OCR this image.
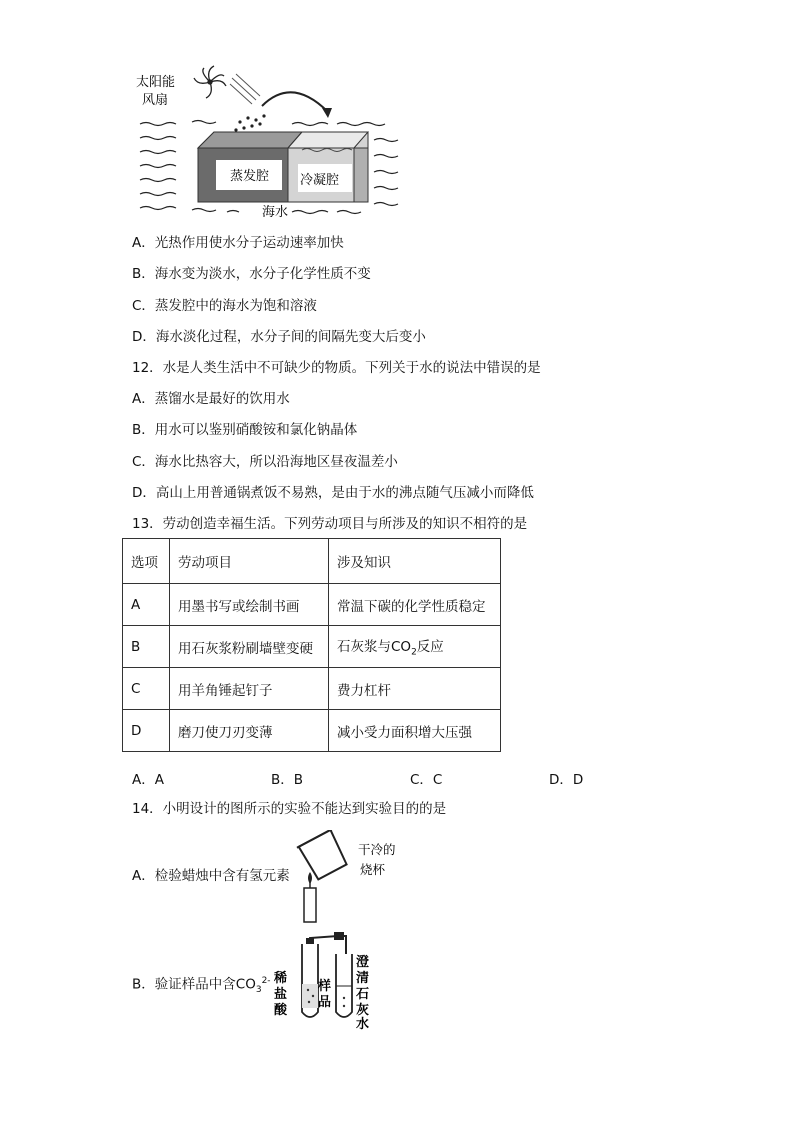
太阳能
风扇
蒸发腔 冷凝腔
海水
A．光热作用使水分子运动速率加快
B．海水变为淡水，水分子化学性质不变
C．蒸发腔中的海水为饱和溶液
D．海水淡化过程，水分子间的间隔先变大后变小
12．水是人类生活中不可缺少的物质。下列关于水的说法中错误的是
A．蒸馏水是最好的饮用水
B．用水可以鉴别硝酸铵和氯化钠晶体
C．海水比热容大，所以沿海地区昼夜温差小
D．高山上用普通锅煮饭不易熟，是由于水的沸点随气压减小而降低
13．劳动创造幸福生活。下列劳动项目与所涉及的知识不相符的是
选项	劳动项目	涉及知识
A	用墨书写或绘制书画	常温下碳的化学性质稳定
B	用石灰浆粉刷墙壁变硬	石灰浆与$CO_2$反应
C	用羊角锤起钉子	费力杠杆
D	磨刀使刀刃变薄	减小受力面积增大压强
A．A	B．B	C．C	D．D
14．小明设计的图所示的实验不能达到实验目的的是
A．检验蜡烛中含有氢元素
干冷的
烧杯
B．验证样品中含$CO_3^{2-}$ 稀
盐
酸
样
品
澄
清
石
灰
水
